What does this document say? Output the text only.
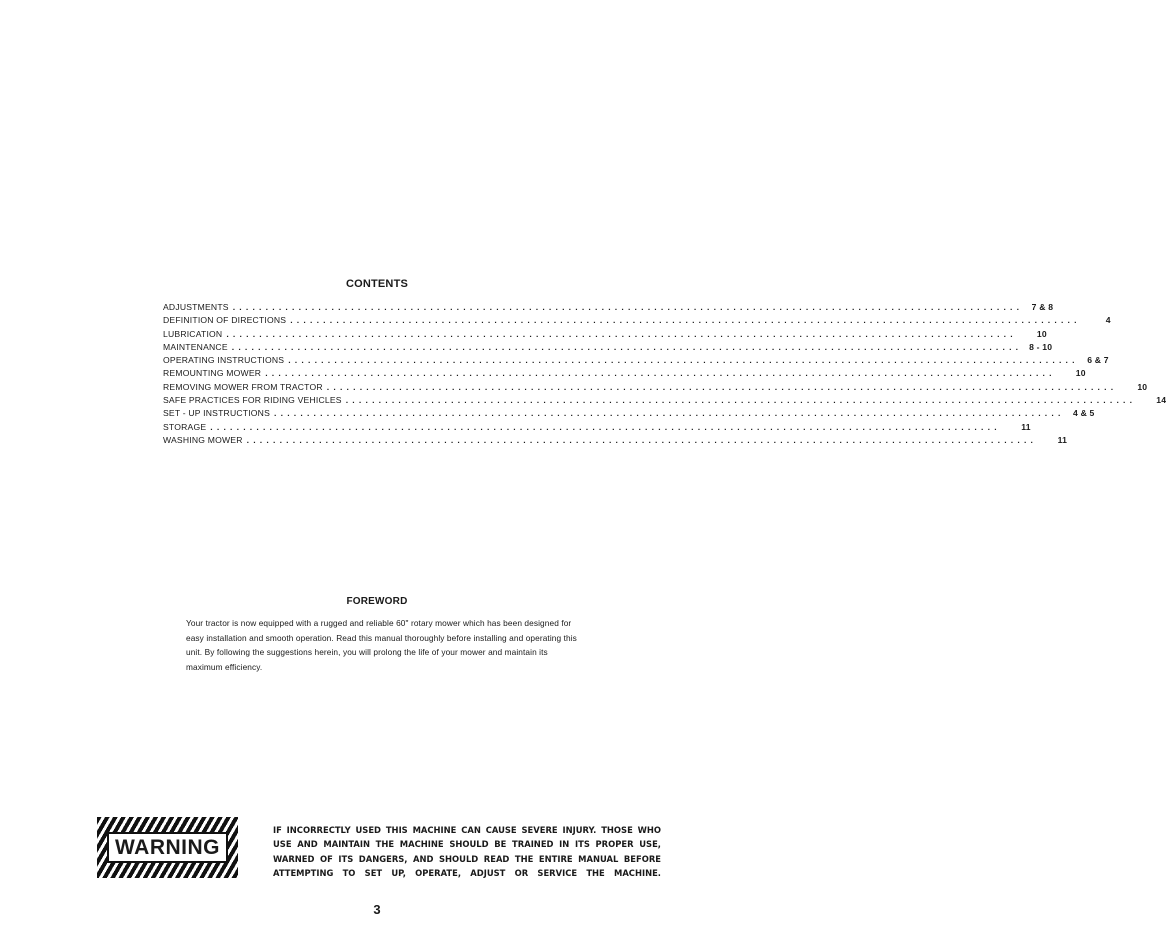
CONTENTS
ADJUSTMENTS ........................................................................................................................ 7 & 8
DEFINITION OF DIRECTIONS ........................................................................................................................	4
LUBRICATION ........................................................................................................................	10
MAINTENANCE ........................................................................................................................ 8 - 10
OPERATING INSTRUCTIONS ........................................................................................................................ 6 & 7
REMOUNTING MOWER ........................................................................................................................	10
REMOVING MOWER FROM TRACTOR ........................................................................................................................	10
SAFE PRACTICES FOR RIDING VEHICLES ........................................................................................................................	14
SET - UP INSTRUCTIONS ........................................................................................................................ 4 & 5
STORAGE ........................................................................................................................	11
WASHING MOWER ........................................................................................................................	11
FOREWORD
Your tractor is now equipped with a rugged and reliable 60" rotary mower which has been designed for easy installation and smooth operation. Read this manual thoroughly before installing and operating this unit. By following the suggestions herein, you will prolong the life of your mower and maintain its maximum efficiency.
WARNING
IF INCORRECTLY USED THIS MACHINE CAN CAUSE SEVERE INJURY. THOSE WHO
USE AND MAINTAIN THE MACHINE SHOULD BE TRAINED IN ITS PROPER USE,
WARNED OF ITS DANGERS, AND SHOULD READ THE ENTIRE MANUAL BEFORE
ATTEMPTING TO SET UP, OPERATE, ADJUST OR SERVICE THE MACHINE.
3
